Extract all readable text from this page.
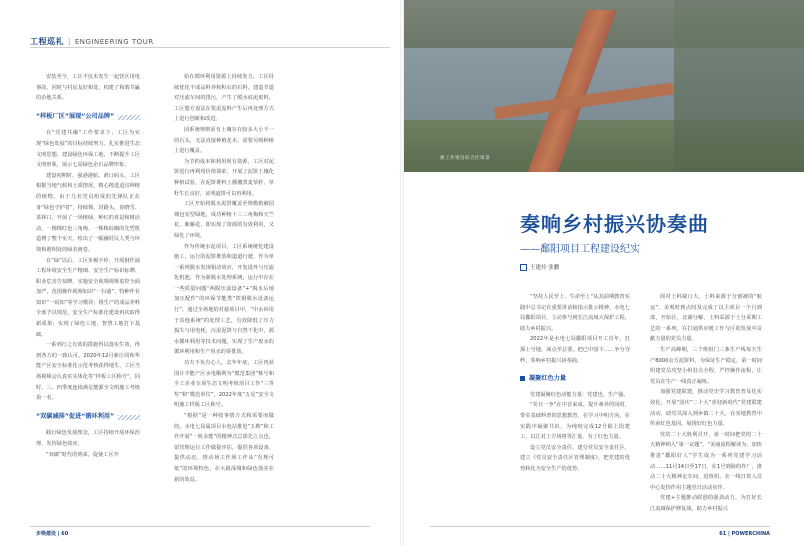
工程巡礼 | ENGINEERING TOUR

安装至今，工区不仅未发生一起营区用电事故，同时与村民友好相处，构建了和谐共赢的企地关系。

“样板厂区”展现“公司品牌”

在“党建共融”工作要求下，工区为实现“绿色发展”的目标持续努力。扎实推进生态文明思想，建设绿色环保工地，不断提升工区文明形象，展示七局绿色企石品牌形象。

建设初期时，强港港航、滑口码头，工区根据当地气候和土质情况，精心挑选适宜种植的植物。由于几名党员组成的先锋队正在身“绿色守护者”，持续锁、封路头，春晓雪、菜林口，开展了一场植绿、种红的喜是和树活动，一棵棵红色三角梅、一株株棕榈的先凭机造增了整个室天，绘出了一幅融村民人类与环境和谐相处的绿美画卷。

在“绿”以后，工区步履不停，开展钢作浦工程环境安全生产精细、安全生产标识标牌、职业危害告知牌，实施安全视频视频监控全面加严，范围操作视频如识“一扫通”、特种作业知识“一码知”等学习模块；将生产的成品养料全部予以规范，安全生产标准化建设再次取得新成果；实现了绿色工地、智慧工地打下基础。

一系列行之有效的措施得以落实生效，得到各方的一致认可。2020年12月新庄同和华能产区安全标准化示范考核获得地生，工区当场视频会认真实实体化等“样板工区称号”，同时，三、四季度连续满足能源全文明施工考核第一名。

“双碳减排”促进“循环利用”

践行绿色发展理念，工区持续开展环保治理、发挥绿色效应。

“双碳”时代的到来，促使工区开

始在循环利用资源上持续发力。工区持续优化不成品料养和积石的石料，建造节道对压滤车间的排污，产生了脱水底泥废料，工区想方设法在浆泥泥料产生后再处理方式上进行创新和改进。

园系统规则原有土壤存在较多大小不一的石头，无法直接种植花木，需要另购种植土进行覆盖。

为节约成本和利用现有资源，工区对泥饼进行再利用价值探索，开展了泥饼土壤化种植试验，在泥饼堆料上播撒黑麦草籽，草籽生长良好，证明道饼可以再利用。

工区开始将脱水泥饼覆盖至规模植被园城包实型绿地，成功种植十三三角梅和天竺花、紫藤花，即实现了资源的有效利用，又绿化了环境。

作为传统水泥项目，工区系统统化建设施工，运行的泥饼堆放和道道行驶，作为单一系列脱水发现相动效应，开发设外与压滤化机池，作为新脱水处理系统，运行中存在一些质量问题“两脱压滤设备”+“脱水后地加压配件”的环保节能类“铁钢脱水设备运行”，通过全场地的对接项目中，“中水回用于其他系统”的处理工艺，有效降低了压力损失与用电耗，污泥泥饼与自然干化中，源水循环利用等技术问题，实现了生产废水的循环利用和生产用水的零排放。

功夫不负有心人。去年年底，工区再获国计半能产区水电顺利为“模范集团”称号和全工企业专项生态文明考核项目工作“三等奖”和“模范单位”，2022年度“五星”安全文明施工样板工区称号。

“根据”是一种按事情方式和需要而做的。水电七局属项目水电站推进“五维”和工作开展“一机多能”的精神式总部先立点也，留管理运行工作做提评估，提供各项设备、提供动态，推动场工作场工作从“有规可依”的环境特色，在大路深城和绿色落实在新的效益。

步唤建设 | 60
源工作项目综合区场景
奏响乡村振兴协奏曲
——鄱阳项目工程建设纪实
王建玲 张鹏

“坚持人民至上、生命至上”从其前期教育实践中总书记在重要讲话和指示批示精神，水电七局鄱阳项目，主动参与到长江流域大保护工程，助力乡村振兴。

2022年是水电七局鄱阳项目开工首年，打探土号地，面点至总要，把已中国下……争分夺秒，奏响乡村振兴协奏曲。

凝聚红色力量

党建凝聚红色动能力量：党建也，生产强。

“苟日一争”在中首来成。提升素养的同时，带实基础科普的思想教育，在学习中明方向，在实践中凝聚共识，为纯时完成12号除上段建工，以江对土方场将等汇量，有了红色力量。

设立党员安全责任，建分党员安全责任区，建立《党员安全责任区管理制度》，把党建的优势转化为安全生产的优势。

面对土料缺口大，土料来源于分割被的“航运”，美观时到点时及完成了以主项目一个月到部，开始区、北湖分解，土料采源于土分采期工艺的一系列，在打通供应链工作与区的发展中贡献力量的党员力量。

生产高峰期，三个班组门三条生产线每天生产8000余方泥饼料，为保证生产稳定，第一时间组建党员攻坚小组驻点全程，严控操作流程，让党员在生产一线真正凝练。

加强党建联建，推动党史学习教育普及化实效化，开展“国庆”二十大“喜迎新时代”党建联建活动，助党员深入到乡镇二十大，在实地教育中传承红色基因，展现好红色力量。

党的二十大胜利召开，第一时间把党的二十大精神纳入“第一议题”，“美丽流程解读为，加快推进“鄱阳好人”学生成为一系列党建学习活动……11月14日至17日，在1号到海的作厂，推动二十大精神走车间、进班组、在一线日常人员中心发挥作用主题党日活动实作。

党建+主题推动联创的强劲动力，为打好长江流域保护修复战，助力乡村振兴

61 | POWERCHINA
